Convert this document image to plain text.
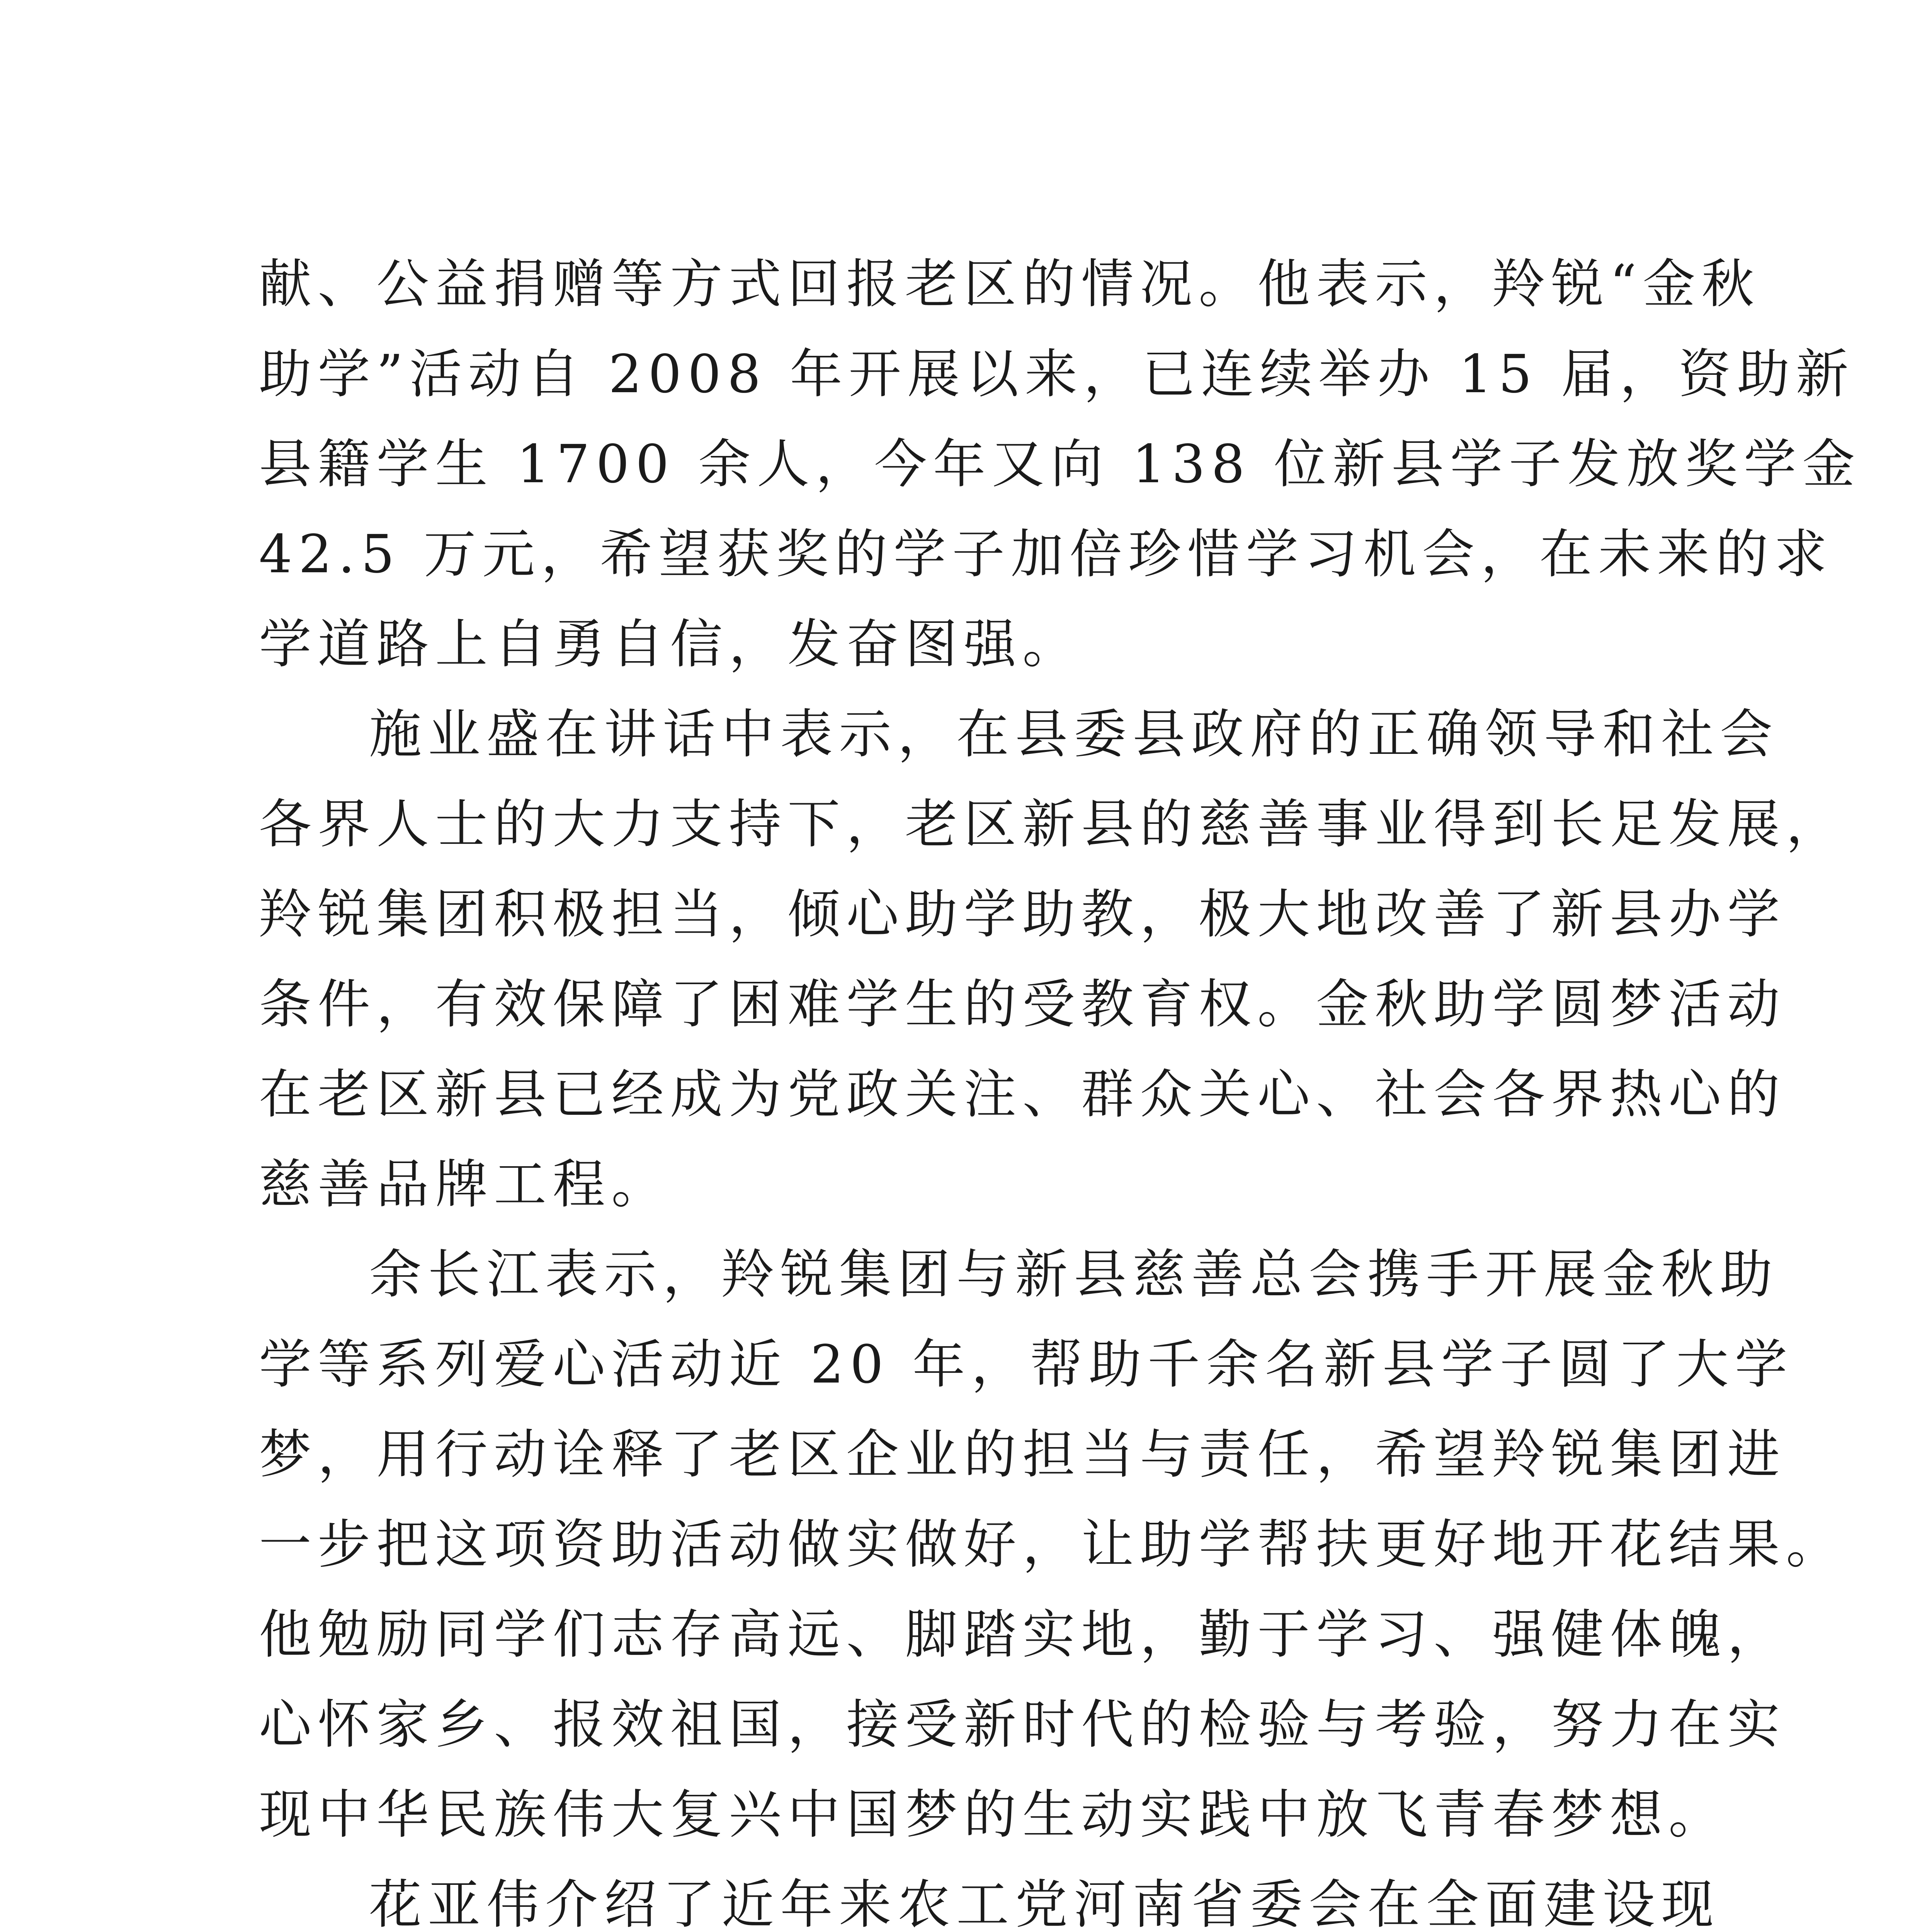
献、公益捐赠等方式回报老区的情况。他表示，羚锐“金秋
助学”活动自 2008 年开展以来，已连续举办 15 届，资助新
县籍学生 1700 余人，今年又向 138 位新县学子发放奖学金
42.5 万元，希望获奖的学子加倍珍惜学习机会，在未来的求
学道路上自勇自信，发奋图强。
施业盛在讲话中表示，在县委县政府的正确领导和社会
各界人士的大力支持下，老区新县的慈善事业得到长足发展，
羚锐集团积极担当，倾心助学助教，极大地改善了新县办学
条件，有效保障了困难学生的受教育权。金秋助学圆梦活动
在老区新县已经成为党政关注、群众关心、社会各界热心的
慈善品牌工程。
余长江表示，羚锐集团与新县慈善总会携手开展金秋助
学等系列爱心活动近 20 年，帮助千余名新县学子圆了大学
梦，用行动诠释了老区企业的担当与责任，希望羚锐集团进
一步把这项资助活动做实做好，让助学帮扶更好地开花结果。
他勉励同学们志存高远、脚踏实地，勤于学习、强健体魄，
心怀家乡、报效祖国，接受新时代的检验与考验，努力在实
现中华民族伟大复兴中国梦的生动实践中放飞青春梦想。
花亚伟介绍了近年来农工党河南省委会在全面建设现
